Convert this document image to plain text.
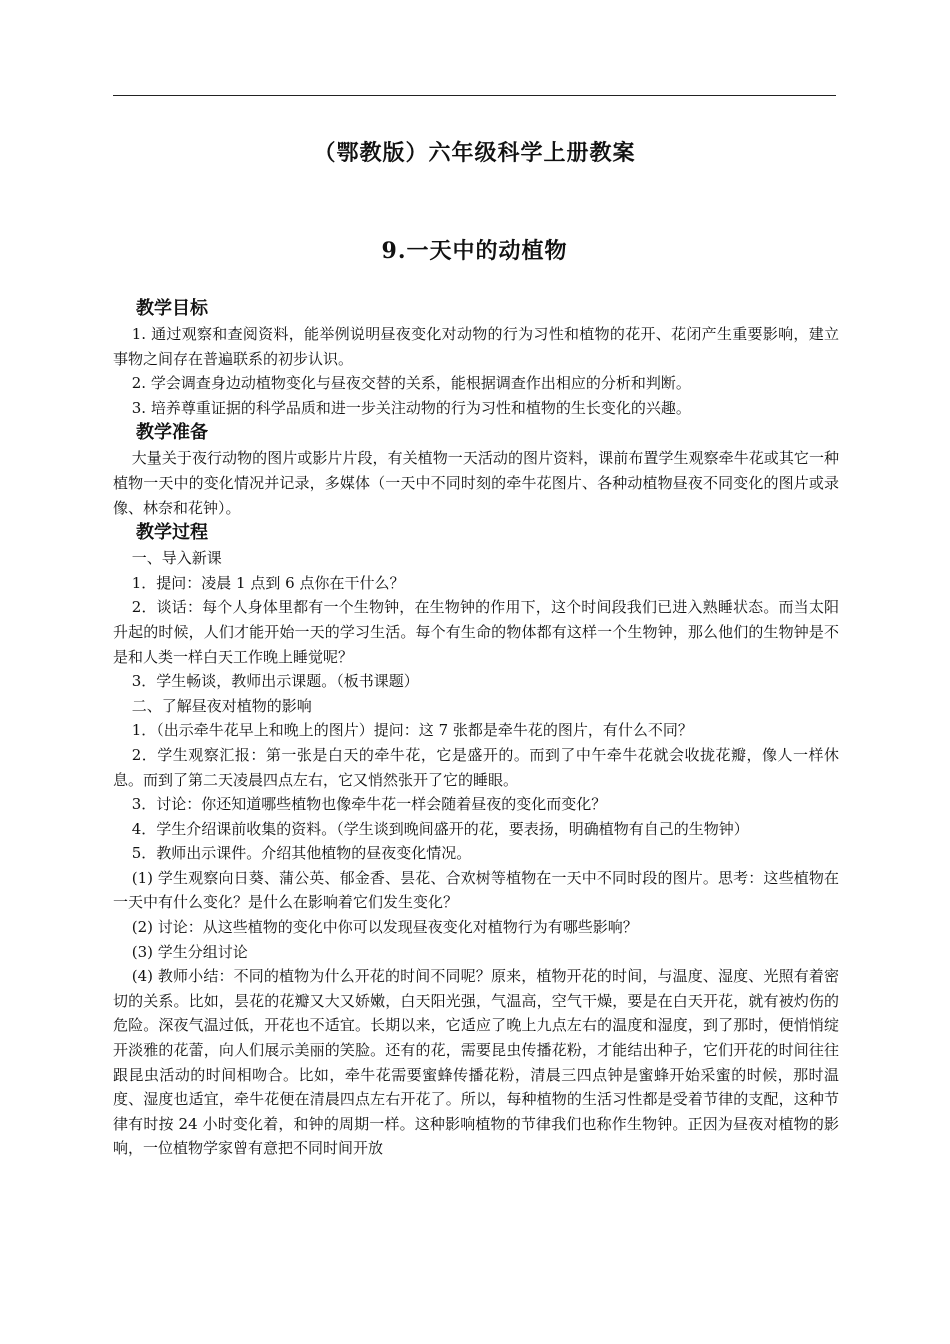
（鄂教版）六年级科学上册教案
9.一天中的动植物
教学目标

1. 通过观察和查阅资料，能举例说明昼夜变化对动物的行为习性和植物的花开、花闭产生重要影响，建立事物之间存在普遍联系的初步认识。

2. 学会调查身边动植物变化与昼夜交替的关系，能根据调查作出相应的分析和判断。

3. 培养尊重证据的科学品质和进一步关注动物的行为习性和植物的生长变化的兴趣。

教学准备

大量关于夜行动物的图片或影片片段，有关植物一天活动的图片资料，课前布置学生观察牵牛花或其它一种植物一天中的变化情况并记录，多媒体（一天中不同时刻的牵牛花图片、各种动植物昼夜不同变化的图片或录像、林奈和花钟）。

教学过程

一、导入新课

1．提问：凌晨 1 点到 6 点你在干什么？

2．谈话：每个人身体里都有一个生物钟，在生物钟的作用下，这个时间段我们已进入熟睡状态。而当太阳升起的时候，人们才能开始一天的学习生活。每个有生命的物体都有这样一个生物钟，那么他们的生物钟是不是和人类一样白天工作晚上睡觉呢？

3．学生畅谈，教师出示课题。（板书课题）

二、了解昼夜对植物的影响

1．（出示牵牛花早上和晚上的图片）提问：这 7 张都是牵牛花的图片，有什么不同？

2．学生观察汇报：第一张是白天的牵牛花，它是盛开的。而到了中午牵牛花就会收拢花瓣，像人一样休息。而到了第二天凌晨四点左右，它又悄然张开了它的睡眼。

3．讨论：你还知道哪些植物也像牵牛花一样会随着昼夜的变化而变化？

4．学生介绍课前收集的资料。（学生谈到晚间盛开的花，要表扬，明确植物有自己的生物钟）

5．教师出示课件。介绍其他植物的昼夜变化情况。

(1) 学生观察向日葵、蒲公英、郁金香、昙花、合欢树等植物在一天中不同时段的图片。思考：这些植物在一天中有什么变化？是什么在影响着它们发生变化？

(2) 讨论：从这些植物的变化中你可以发现昼夜变化对植物行为有哪些影响？

(3) 学生分组讨论

(4) 教师小结：不同的植物为什么开花的时间不同呢？原来，植物开花的时间，与温度、湿度、光照有着密切的关系。比如，昙花的花瓣又大又娇嫩，白天阳光强，气温高，空气干燥，要是在白天开花，就有被灼伤的危险。深夜气温过低，开花也不适宜。长期以来，它适应了晚上九点左右的温度和湿度，到了那时，便悄悄绽开淡雅的花蕾，向人们展示美丽的笑脸。还有的花，需要昆虫传播花粉，才能结出种子，它们开花的时间往往跟昆虫活动的时间相吻合。比如，牵牛花需要蜜蜂传播花粉，清晨三四点钟是蜜蜂开始采蜜的时候，那时温度、湿度也适宜，牵牛花便在清晨四点左右开花了。所以，每种植物的生活习性都是受着节律的支配，这种节律有时按 24 小时变化着，和钟的周期一样。这种影响植物的节律我们也称作生物钟。正因为昼夜对植物的影响，一位植物学家曾有意把不同时间开放
